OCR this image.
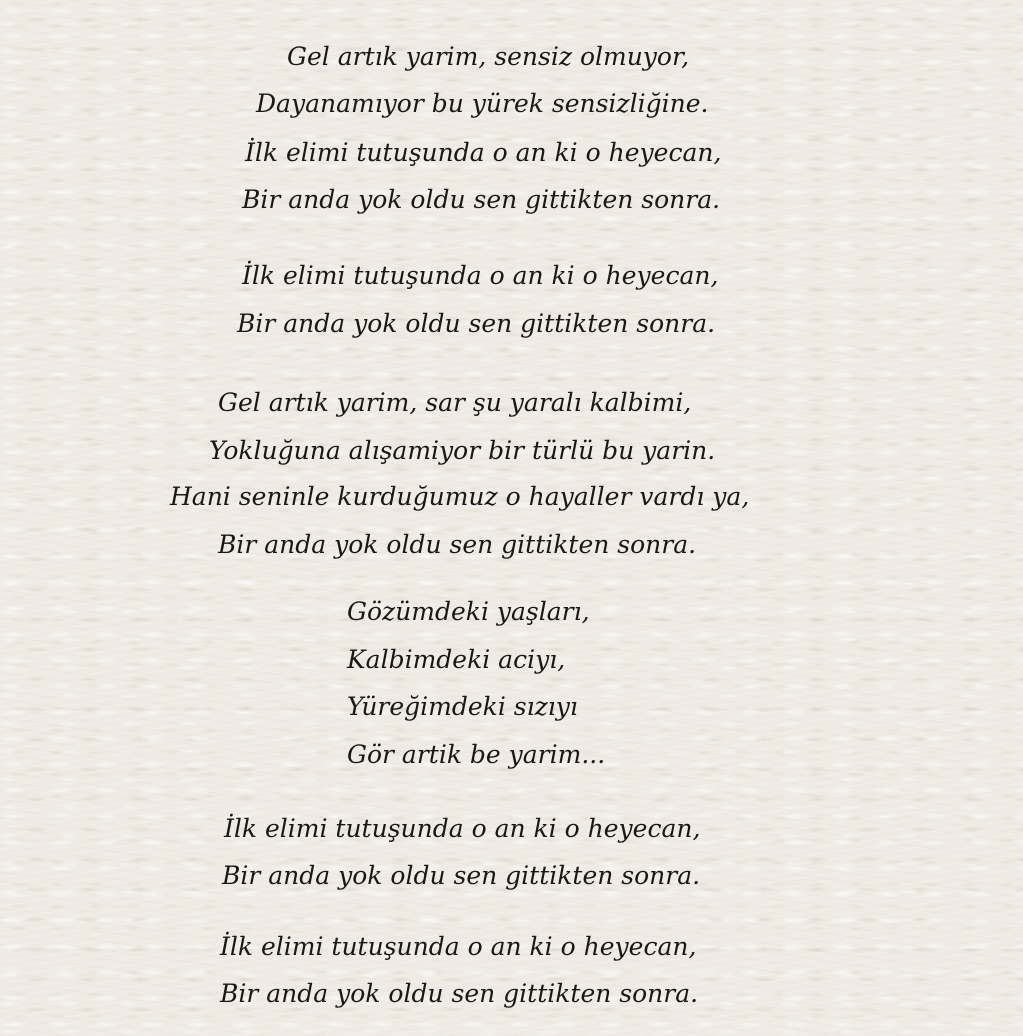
Gel artık yarim, sensiz olmuyor,

Dayanamıyor bu yürek sensizliğine.

İlk elimi tutuşunda o an ki o heyecan,

Bir anda yok oldu sen gittikten sonra.

İlk elimi tutuşunda o an ki o heyecan,

Bir anda yok oldu sen gittikten sonra.

Gel artık yarim, sar şu yaralı kalbimi,

Yokluğuna alışamiyor bir türlü bu yarin.

Hani seninle kurduğumuz o hayaller vardı ya,

Bir anda yok oldu sen gittikten sonra.

Gözümdeki yaşları,

Kalbimdeki aciyı,

Yüreğimdeki sızıyı

Gör artik be yarim...

İlk elimi tutuşunda o an ki o heyecan,

Bir anda yok oldu sen gittikten sonra.

İlk elimi tutuşunda o an ki o heyecan,

Bir anda yok oldu sen gittikten sonra.
